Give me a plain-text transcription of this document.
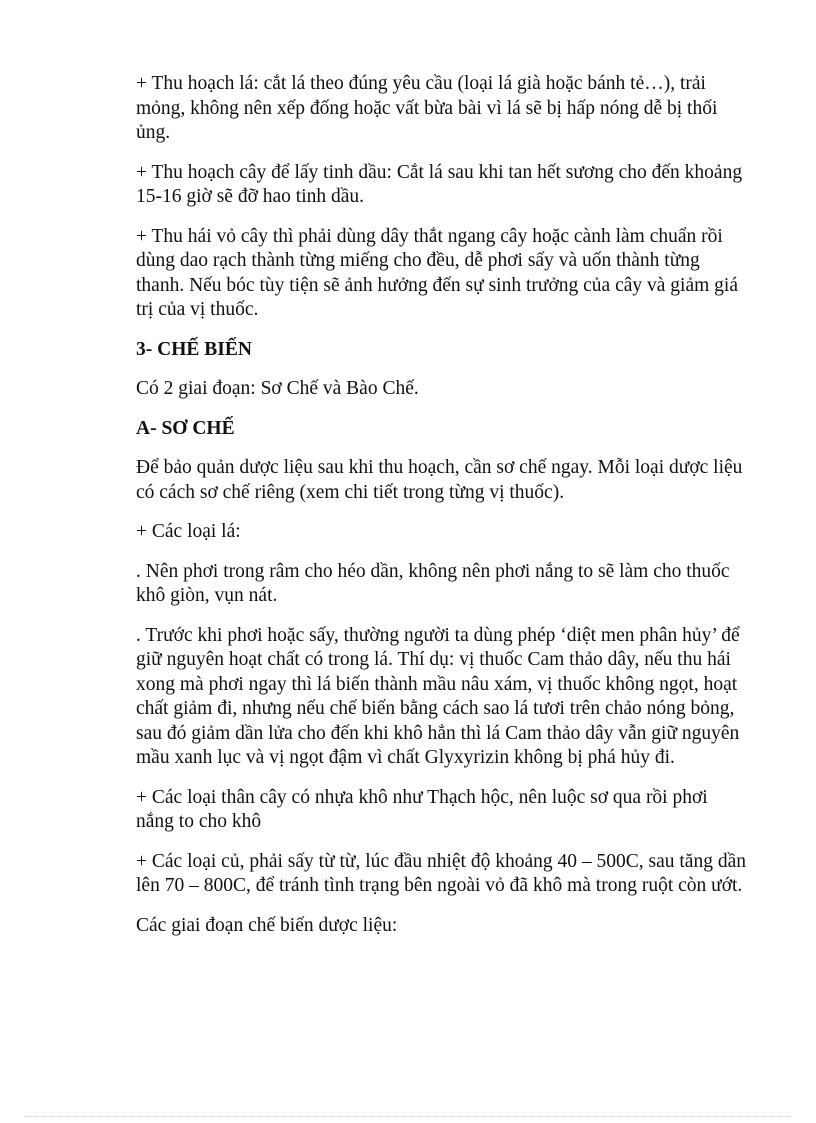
+ Thu hoạch lá: cắt lá theo đúng yêu cầu (loại lá già hoặc bánh tẻ…), trải mỏng, không nên xếp đống hoặc vất bừa bài vì lá sẽ bị hấp nóng dễ bị thối ủng.

+ Thu hoạch cây để lấy tinh dầu: Cắt lá sau khi tan hết sương cho đến khoảng 15-16 giờ sẽ đỡ hao tinh dầu.

+ Thu hái vỏ cây thì phải dùng dây thắt ngang cây hoặc cành làm chuẩn rồi dùng dao rạch thành từng miếng cho đều, dễ phơi sấy và uốn thành từng thanh. Nếu bóc tùy tiện sẽ ảnh hưởng đến sự sinh trưởng của cây và giảm giá trị của vị thuốc.

3- CHẾ BIẾN

Có 2 giai đoạn: Sơ Chế và Bào Chế.

A- SƠ CHẾ

Để bảo quản dược liệu sau khi thu hoạch, cần sơ chế ngay. Mỗi loại dược liệu có cách sơ chế riêng (xem chi tiết trong từng vị thuốc).

+ Các loại lá:

. Nên phơi trong râm cho héo dần, không nên phơi nắng to sẽ làm cho thuốc khô giòn, vụn nát.

. Trước khi phơi hoặc sấy, thường người ta dùng phép ‘diệt men phân hủy’ để giữ nguyên hoạt chất có trong lá. Thí dụ: vị thuốc Cam thảo dây, nếu thu hái xong mà phơi ngay thì lá biến thành mầu nâu xám, vị thuốc không ngọt, hoạt chất giảm đi, nhưng nếu chế biến bằng cách sao lá tươi trên chảo nóng bỏng, sau đó giảm dần lửa cho đến khi khô hẳn thì lá Cam thảo dây vẫn giữ nguyên mầu xanh lục và vị ngọt đậm vì chất Glyxyrizin không bị phá hủy đi.

+ Các loại thân cây có nhựa khô như Thạch hộc, nên luộc sơ qua rồi phơi nắng to cho khô

+ Các loại củ, phải sấy từ từ, lúc đầu nhiệt độ khoảng 40 – 500C, sau tăng dần lên 70 – 800C, để tránh tình trạng bên ngoài vỏ đã khô mà trong ruột còn ướt.

Các giai đoạn chế biến dược liệu:
